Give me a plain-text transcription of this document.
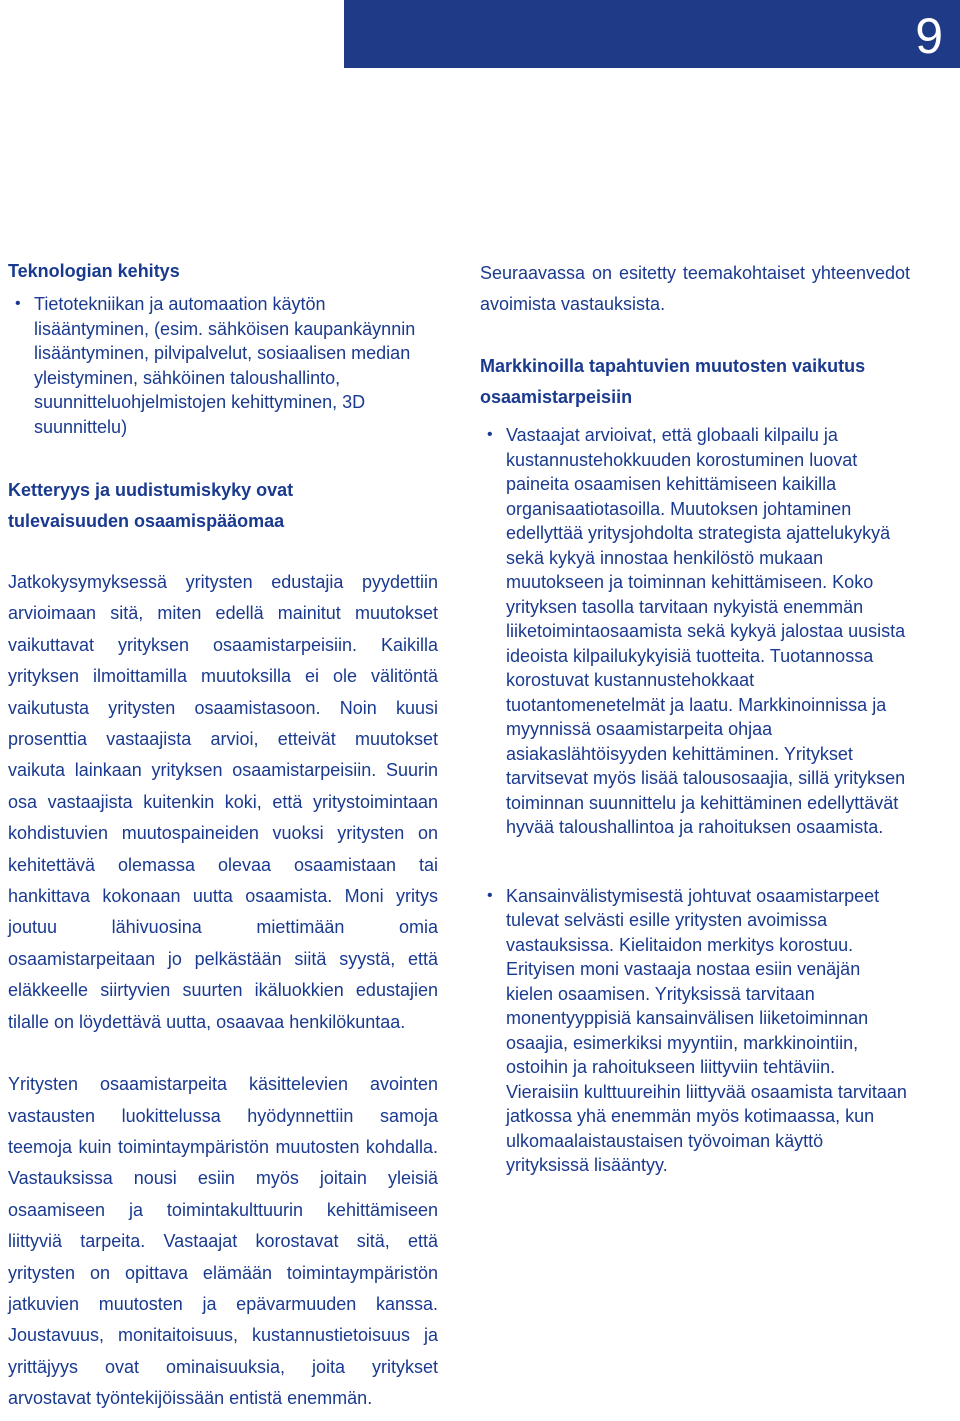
9
Teknologian kehitys
• Tietotekniikan ja automaation käytön lisääntyminen, (esim. sähköisen kaupankäynnin lisääntyminen, pilvipalvelut, sosiaalisen median yleistyminen, sähköinen taloushallinto, suunnitteluohjelmistojen kehittyminen, 3D suunnittelu)
Ketteryys ja uudistumiskyky ovat tulevaisuuden osaamispääomaa

Jatkokysymyksessä yritysten edustajia pyydettiin arvioimaan sitä, miten edellä mainitut muutokset vaikuttavat yrityksen osaamistarpeisiin. Kaikilla yrityksen ilmoittamilla muutoksilla ei ole välitöntä vaikutusta yritysten osaamistasoon. Noin kuusi prosenttia vastaajista arvioi, etteivät muutokset vaikuta lainkaan yrityksen osaamistarpeisiin. Suurin osa vastaajista kuitenkin koki, että yritystoimintaan kohdistuvien muutospaineiden vuoksi yritysten on kehitettävä olemassa olevaa osaamistaan tai hankittava kokonaan uutta osaamista. Moni yritys joutuu lähivuosina miettimään omia osaamistarpeitaan jo pelkästään siitä syystä, että eläkkeelle siirtyvien suurten ikäluokkien edustajien tilalle on löydettävä uutta, osaavaa henkilökuntaa.

Yritysten osaamistarpeita käsittelevien avointen vastausten luokittelussa hyödynnettiin samoja teemoja kuin toimintaympäristön muutosten kohdalla. Vastauksissa nousi esiin myös joitain yleisiä osaamiseen ja toimintakulttuurin kehittämiseen liittyviä tarpeita. Vastaajat korostavat sitä, että yritysten on opittava elämään toimintaympäristön jatkuvien muutosten ja epävarmuuden kanssa. Joustavuus, monitaitoisuus, kustannustietoisuus ja yrittäjyys ovat ominaisuuksia, joita yritykset arvostavat työntekijöissään entistä enemmän.

Seuraavassa on esitetty teemakohtaiset yhteenvedot avoimista vastauksista.

Markkinoilla tapahtuvien muutosten vaikutus osaamistarpeisiin
• Vastaajat arvioivat, että globaali kilpailu ja kustannustehokkuuden korostuminen luovat paineita osaamisen kehittämiseen kaikilla organisaatiotasoilla. Muutoksen johtaminen edellyttää yritysjohdolta strategista ajattelukykyä sekä kykyä innostaa henkilöstö mukaan muutokseen ja toiminnan kehittämiseen. Koko yrityksen tasolla tarvitaan nykyistä enemmän liiketoimintaosaamista sekä kykyä jalostaa uusista ideoista kilpailukykyisiä tuotteita. Tuotannossa korostuvat kustannustehokkaat tuotantomenetelmät ja laatu. Markkinoinnissa ja myynnissä osaamistarpeita ohjaa asiakaslähtöisyyden kehittäminen. Yritykset tarvitsevat myös lisää talousosaajia, sillä yrityksen toiminnan suunnittelu ja kehittäminen edellyttävät hyvää taloushallintoa ja rahoituksen osaamista.
• Kansainvälistymisestä johtuvat osaamistarpeet tulevat selvästi esille yritysten avoimissa vastauksissa. Kielitaidon merkitys korostuu. Erityisen moni vastaaja nostaa esiin venäjän kielen osaamisen. Yrityksissä tarvitaan monentyyppisiä kansainvälisen liiketoiminnan osaajia, esimerkiksi myyntiin, markkinointiin, ostoihin ja rahoitukseen liittyviin tehtäviin. Vieraisiin kulttuureihin liittyvää osaamista tarvitaan jatkossa yhä enemmän myös kotimaassa, kun ulkomaalaistaustaisen työvoiman käyttö yrityksissä lisääntyy.
